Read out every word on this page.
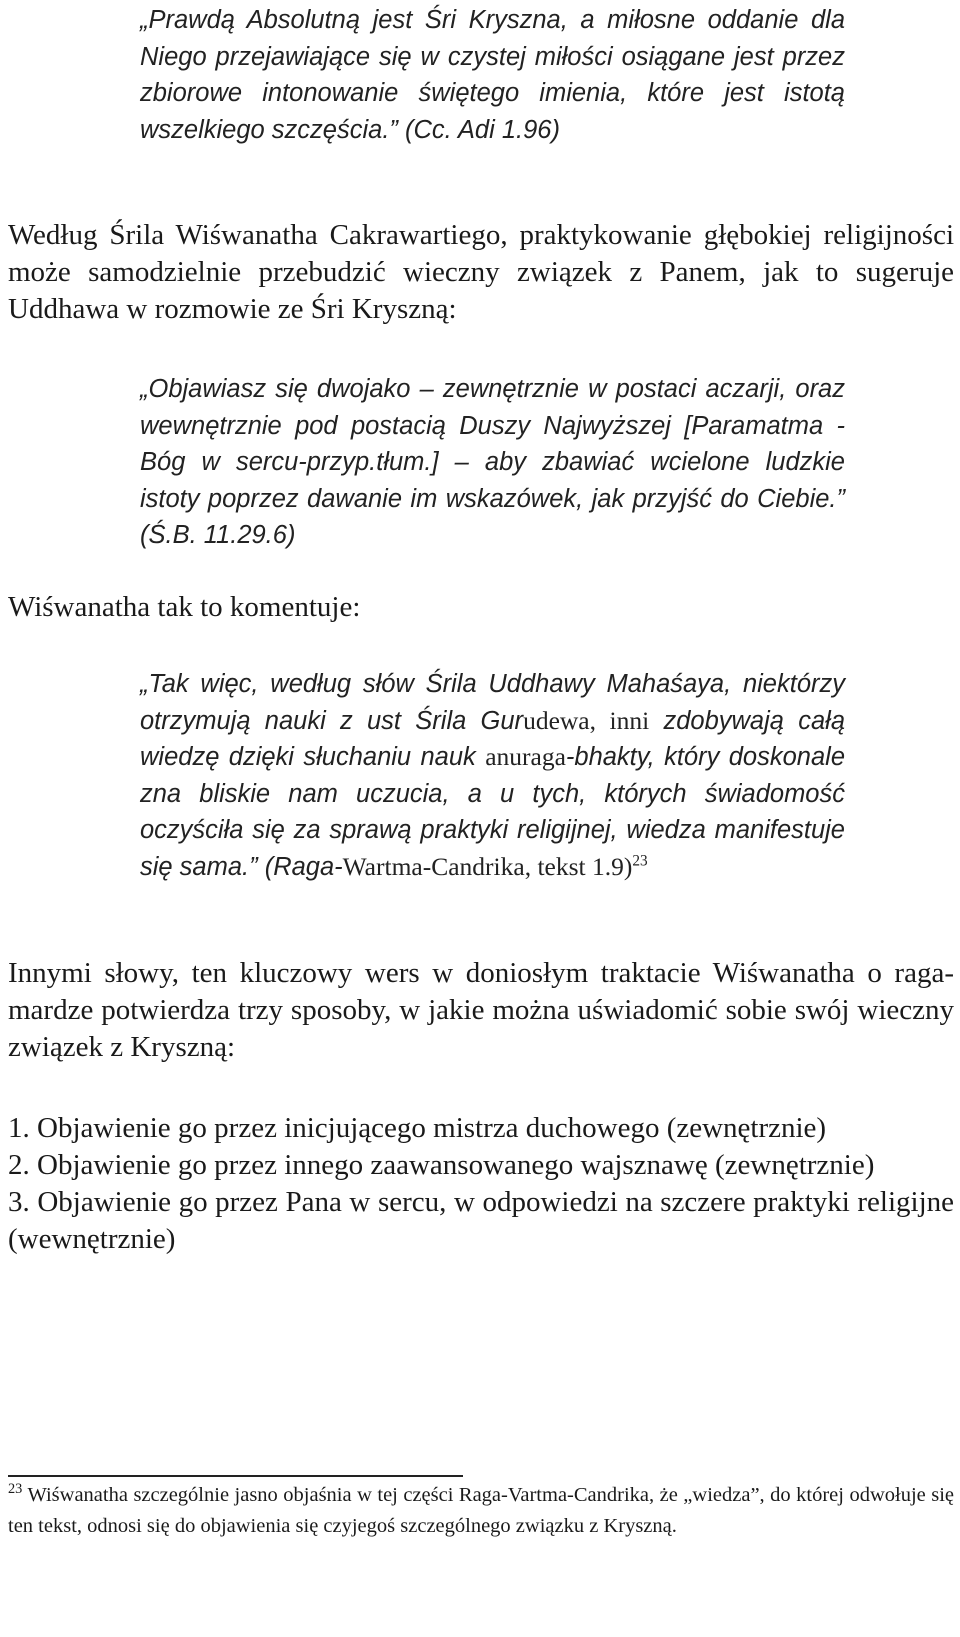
„Prawdą Absolutną jest Śri Kryszna, a miłosne oddanie dla Niego przejawiające się w czystej miłości osiągane jest przez zbiorowe intonowanie świętego imienia, które jest istotą wszelkiego szczęścia.” (Cc. Adi 1.96)
Według Śrila Wiśwanatha Cakrawartiego, praktykowanie głębokiej religijności może samodzielnie przebudzić wieczny związek z Panem, jak to sugeruje Uddhawa w rozmowie ze Śri Kryszną:
„Objawiasz się dwojako – zewnętrznie w postaci aczarji, oraz wewnętrznie pod postacią Duszy Najwyższej [Paramatma - Bóg w sercu-przyp.tłum.] – aby zbawiać wcielone ludzkie istoty poprzez dawanie im wskazówek, jak przyjść do Ciebie.” (Ś.B. 11.29.6)
Wiśwanatha tak to komentuje:
„Tak więc, według słów Śrila Uddhawy Mahaśaya, niektórzy otrzymują nauki z ust Śrila Gurudewa, inni zdobywają całą wiedzę dzięki słuchaniu nauk anuraga-bhakty, który doskonale zna bliskie nam uczucia, a u tych, których świadomość oczyściła się za sprawą praktyki religijnej, wiedza manifestuje się sama.” (Raga-Wartma-Candrika, tekst 1.9)$^{23}$
Innymi słowy, ten kluczowy wers w doniosłym traktacie Wiśwanatha o raga-mardze potwierdza trzy sposoby, w jakie można uświadomić sobie swój wieczny związek z Kryszną:
1. Objawienie go przez inicjującego mistrza duchowego (zewnętrznie)
2. Objawienie go przez innego zaawansowanego wajsznawę (zewnętrznie)
3. Objawienie go przez Pana w sercu, w odpowiedzi na szczere praktyki religijne (wewnętrznie)
$^{23}$ Wiśwanatha szczególnie jasno objaśnia w tej części Raga-Vartma-Candrika, że „wiedza”, do której odwołuje się ten tekst, odnosi się do objawienia się czyjegoś szczególnego związku z Kryszną.
